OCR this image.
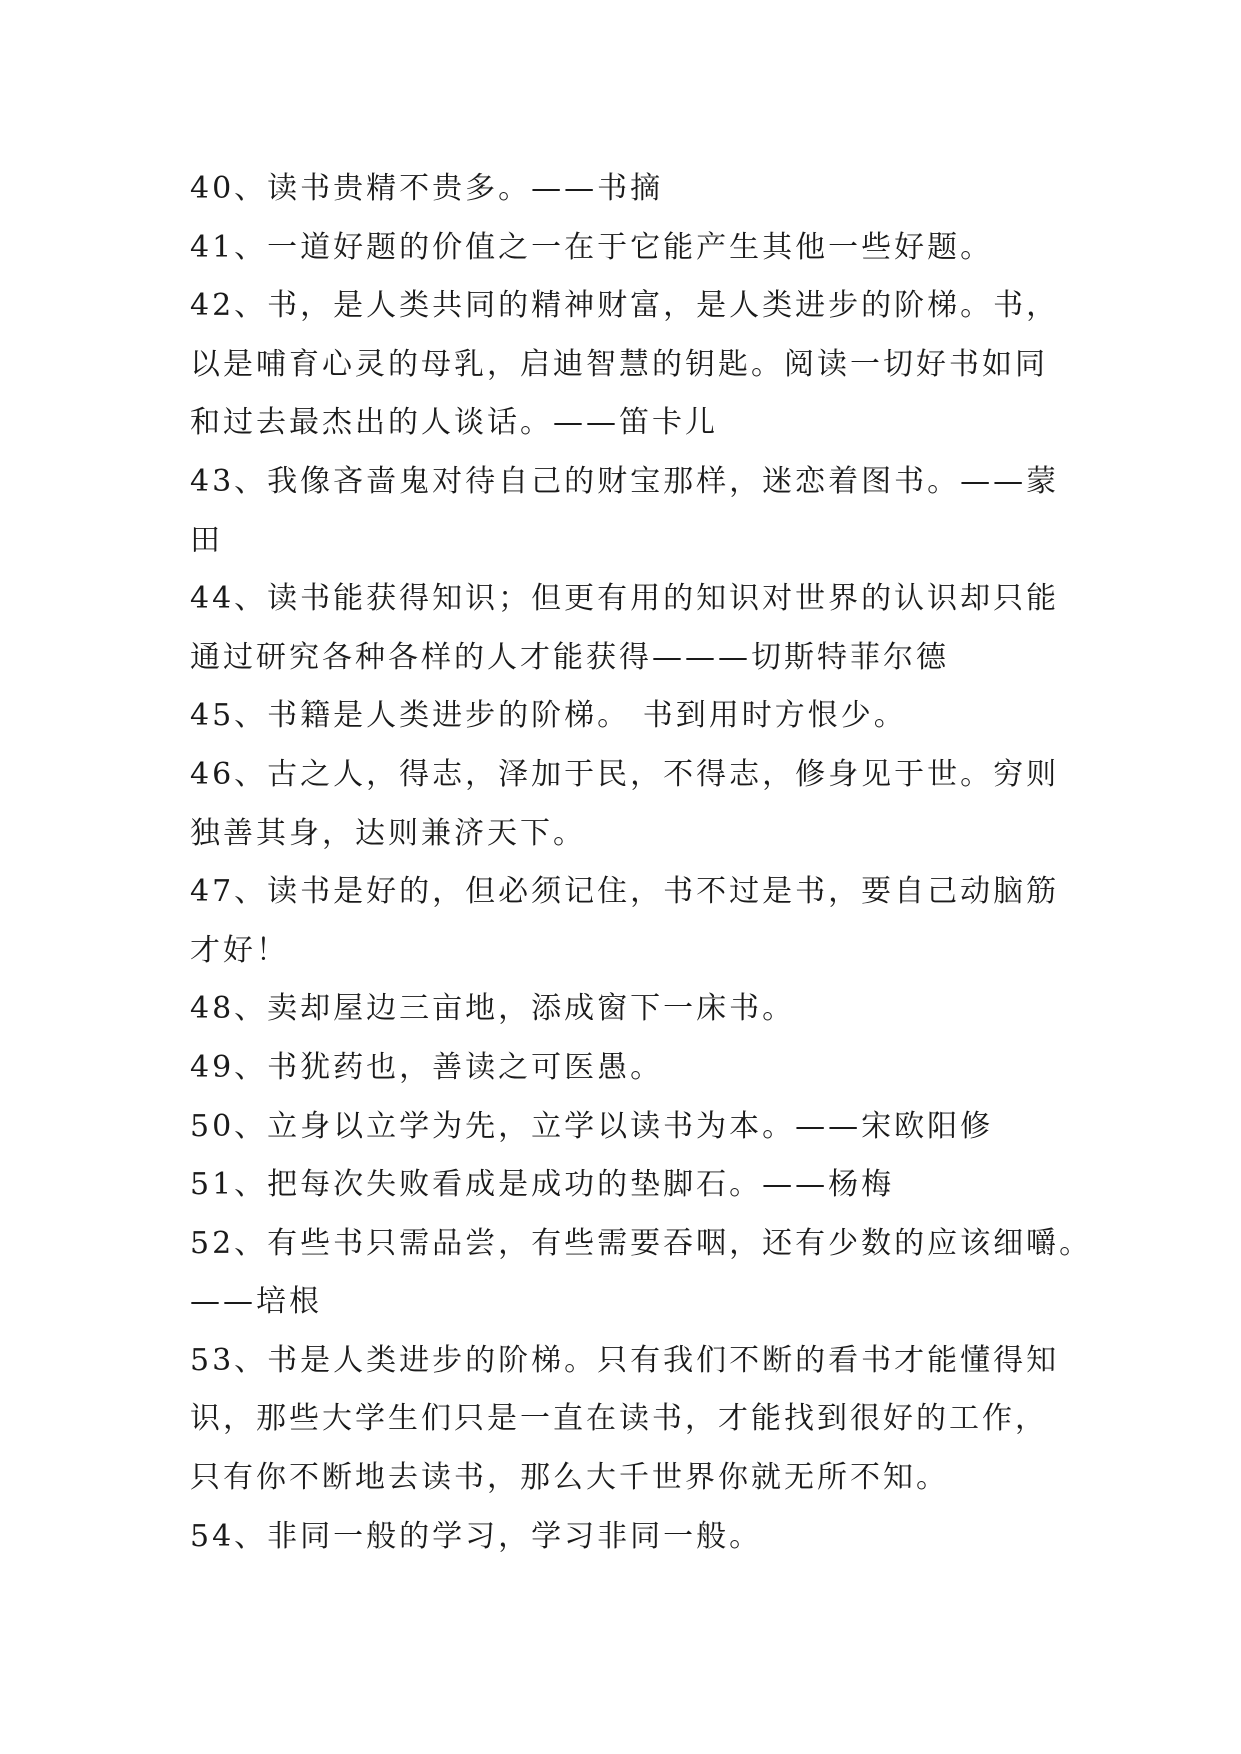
40、读书贵精不贵多。——书摘
41、一道好题的价值之一在于它能产生其他一些好题。
42、书，是人类共同的精神财富，是人类进步的阶梯。书，
以是哺育心灵的母乳，启迪智慧的钥匙。阅读一切好书如同
和过去最杰出的人谈话。——笛卡儿
43、我像吝啬鬼对待自己的财宝那样，迷恋着图书。——蒙
田
44、读书能获得知识；但更有用的知识对世界的认识却只能
通过研究各种各样的人才能获得———切斯特菲尔德
45、书籍是人类进步的阶梯。 书到用时方恨少。
46、古之人，得志，泽加于民，不得志，修身见于世。穷则
独善其身，达则兼济天下。
47、读书是好的，但必须记住，书不过是书，要自己动脑筋
才好！
48、卖却屋边三亩地，添成窗下一床书。
49、书犹药也，善读之可医愚。
50、立身以立学为先，立学以读书为本。——宋欧阳修
51、把每次失败看成是成功的垫脚石。——杨梅
52、有些书只需品尝，有些需要吞咽，还有少数的应该细嚼。
——培根
53、书是人类进步的阶梯。只有我们不断的看书才能懂得知
识，那些大学生们只是一直在读书，才能找到很好的工作，
只有你不断地去读书，那么大千世界你就无所不知。
54、非同一般的学习，学习非同一般。
